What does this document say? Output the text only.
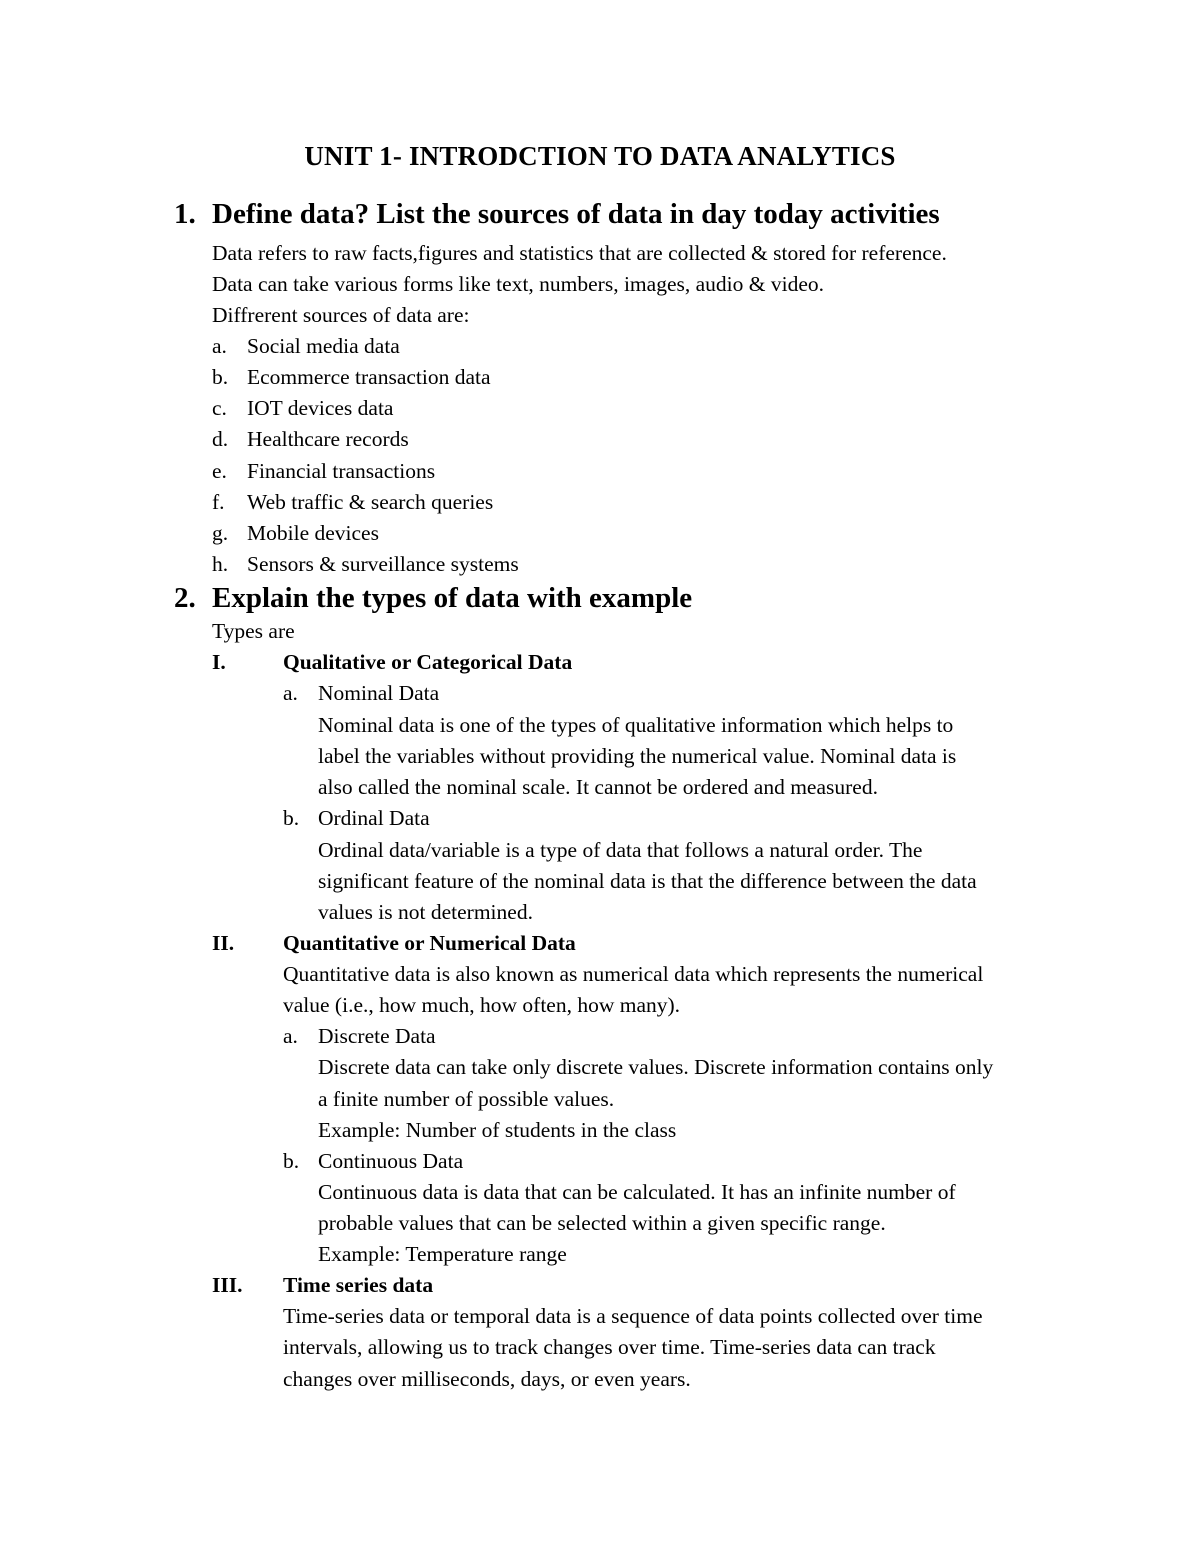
UNIT 1- INTRODCTION TO DATA ANALYTICS
1. Define data? List the sources of data in day today activities
Data refers to raw facts,figures and statistics that are collected & stored for reference.
Data can take various forms like text, numbers, images, audio & video.
Diffrerent sources of data are:
a. Social media data
b. Ecommerce transaction data
c. IOT devices data
d. Healthcare records
e. Financial transactions
f. Web traffic & search queries
g. Mobile devices
h. Sensors & surveillance systems
2. Explain the types of data with example
Types are
I.	Qualitative or Categorical Data
a. Nominal Data
Nominal data is one of the types of qualitative information which helps to
label the variables without providing the numerical value. Nominal data is
also called the nominal scale. It cannot be ordered and measured.
b. Ordinal Data
Ordinal data/variable is a type of data that follows a natural order. The
significant feature of the nominal data is that the difference between the data
values is not determined.
II. Quantitative or Numerical Data
Quantitative data is also known as numerical data which represents the numerical
value (i.e., how much, how often, how many).
a. Discrete Data
Discrete data can take only discrete values. Discrete information contains only
a finite number of possible values.
Example: Number of students in the class
b. Continuous Data
Continuous data is data that can be calculated. It has an infinite number of
probable values that can be selected within a given specific range.
Example: Temperature range
III. Time series data
Time-series data or temporal data is a sequence of data points collected over time
intervals, allowing us to track changes over time. Time-series data can track
changes over milliseconds, days, or even years.
